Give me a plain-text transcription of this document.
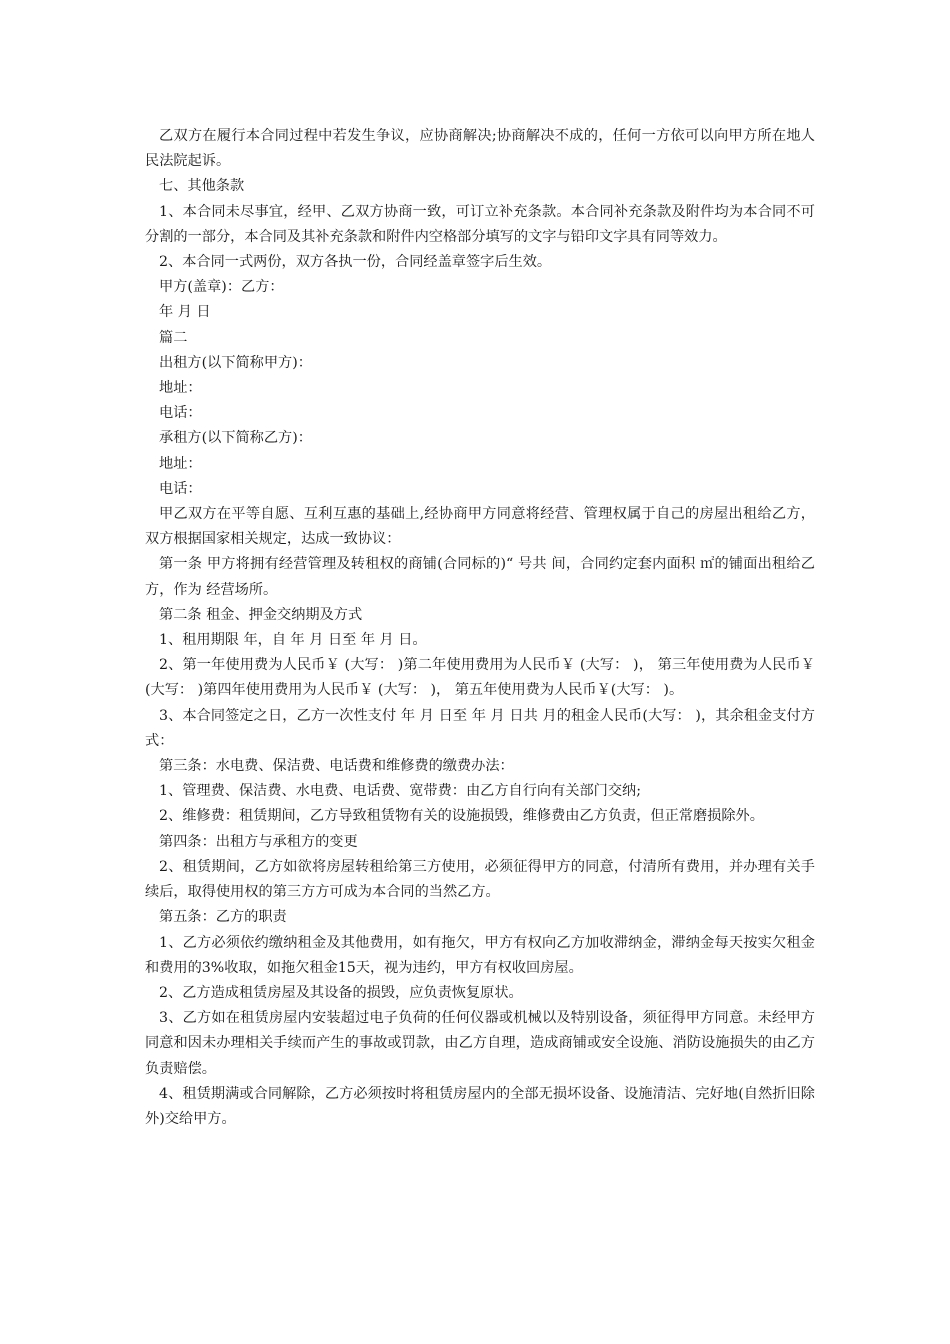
乙双方在履行本合同过程中若发生争议，应协商解决;协商解决不成的，任何一方依可以向甲方所在地人民法院起诉。

七、其他条款

1、本合同未尽事宜，经甲、乙双方协商一致，可订立补充条款。本合同补充条款及附件均为本合同不可分割的一部分，本合同及其补充条款和附件内空格部分填写的文字与铅印文字具有同等效力。

2、本合同一式两份，双方各执一份，合同经盖章签字后生效。

甲方(盖章)：乙方：

年 月 日

篇二

出租方(以下简称甲方)：

地址：

电话：

承租方(以下简称乙方)：

地址：

电话：

甲乙双方在平等自愿、互利互惠的基础上,经协商甲方同意将经营、管理权属于自己的房屋出租给乙方，双方根据国家相关规定，达成一致协议：

第一条 甲方将拥有经营管理及转租权的商铺(合同标的)“ 号共 间，合同约定套内面积 ㎡的铺面出租给乙方，作为 经营场所。

第二条 租金、押金交纳期及方式

1、租用期限 年，自 年 月 日至 年 月 日。

2、第一年使用费为人民币￥ (大写： )第二年使用费用为人民币￥ (大写： )， 第三年使用费为人民币￥ (大写： )第四年使用费用为人民币￥ (大写： )， 第五年使用费为人民币￥(大写： )。

3、本合同签定之日，乙方一次性支付 年 月 日至 年 月 日共 月的租金人民币(大写： )，其余租金支付方式：

第三条：水电费、保洁费、电话费和维修费的缴费办法：

1、管理费、保洁费、水电费、电话费、宽带费：由乙方自行向有关部门交纳;

2、维修费：租赁期间，乙方导致租赁物有关的设施损毁，维修费由乙方负责，但正常磨损除外。

第四条：出租方与承租方的变更

2、租赁期间，乙方如欲将房屋转租给第三方使用，必须征得甲方的同意，付清所有费用，并办理有关手续后，取得使用权的第三方方可成为本合同的当然乙方。

第五条：乙方的职责

1、乙方必须依约缴纳租金及其他费用，如有拖欠，甲方有权向乙方加收滞纳金，滞纳金每天按实欠租金和费用的3%收取，如拖欠租金15天，视为违约，甲方有权收回房屋。

2、乙方造成租赁房屋及其设备的损毁，应负责恢复原状。

3、乙方如在租赁房屋内安装超过电子负荷的任何仪器或机械以及特别设备，须征得甲方同意。未经甲方同意和因未办理相关手续而产生的事故或罚款，由乙方自理，造成商铺或安全设施、消防设施损失的由乙方负责赔偿。

4、租赁期满或合同解除，乙方必须按时将租赁房屋内的全部无损坏设备、设施清洁、完好地(自然折旧除外)交给甲方。
